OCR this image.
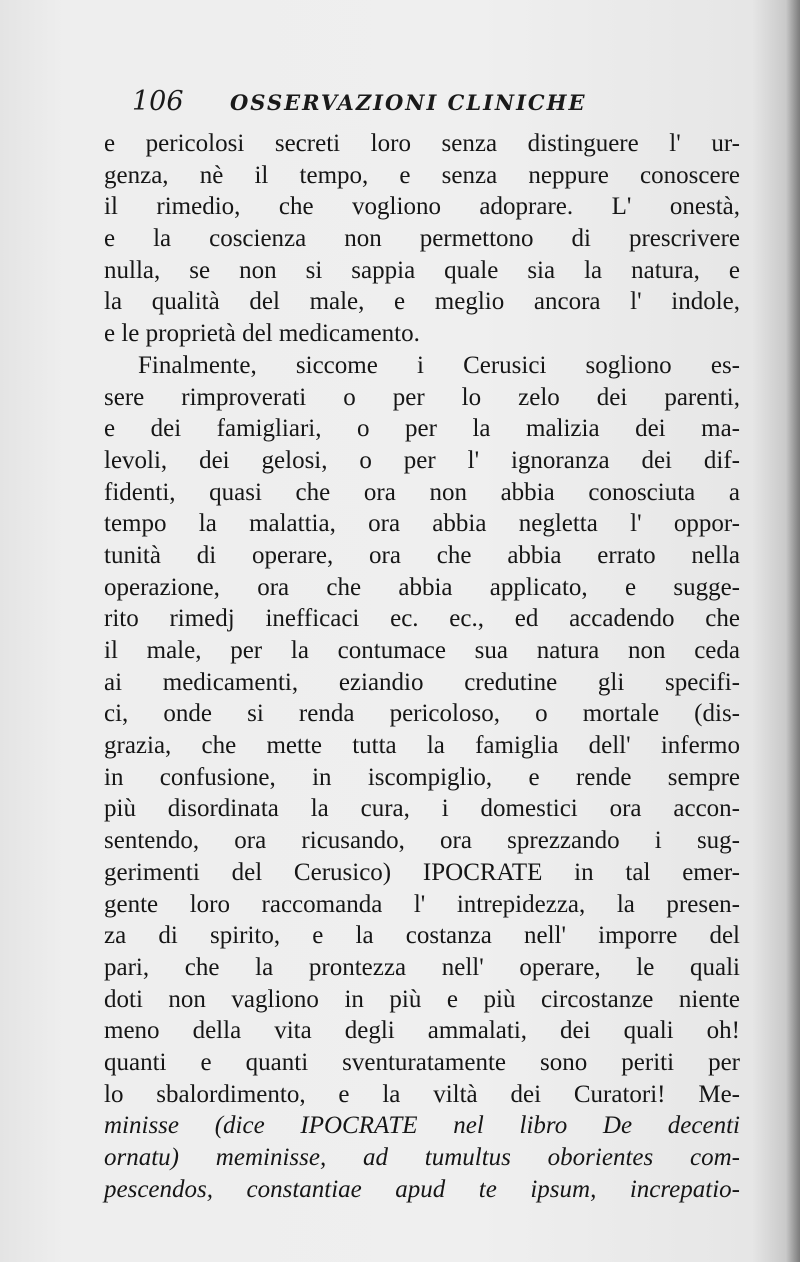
106 OSSERVAZIONI CLINICHE
e pericolosi secreti loro senza distinguere l' ur-
genza, nè il tempo, e senza neppure conoscere
il rimedio, che vogliono adoprare. L' onestà,
e la coscienza non permettono di prescrivere
nulla, se non si sappia quale sia la natura, e
la qualità del male, e meglio ancora l' indole,
e le proprietà del medicamento.
Finalmente, siccome i Cerusici sogliono es-
sere rimproverati o per lo zelo dei parenti,
e dei famigliari, o per la malizia dei ma-
levoli, dei gelosi, o per l' ignoranza dei dif-
fidenti, quasi che ora non abbia conosciuta a
tempo la malattia, ora abbia negletta l' oppor-
tunità di operare, ora che abbia errato nella
operazione, ora che abbia applicato, e sugge-
rito rimedj inefficaci ec. ec., ed accadendo che
il male, per la contumace sua natura non ceda
ai medicamenti, eziandio credutine gli specifi-
ci, onde si renda pericoloso, o mortale (dis-
grazia, che mette tutta la famiglia dell' infermo
in confusione, in iscompiglio, e rende sempre
più disordinata la cura, i domestici ora accon-
sentendo, ora ricusando, ora sprezzando i sug-
gerimenti del Cerusico) IPOCRATE in tal emer-
gente loro raccomanda l' intrepidezza, la presen-
za di spirito, e la costanza nell' imporre del
pari, che la prontezza nell' operare, le quali
doti non vagliono in più e più circostanze niente
meno della vita degli ammalati, dei quali oh!
quanti e quanti sventuratamente sono periti per
lo sbalordimento, e la viltà dei Curatori! Me-
minisse (dice IPOCRATE nel libro De decenti
ornatu) meminisse, ad tumultus oborientes com-
pescendos, constantiae apud te ipsum, increpatio-
